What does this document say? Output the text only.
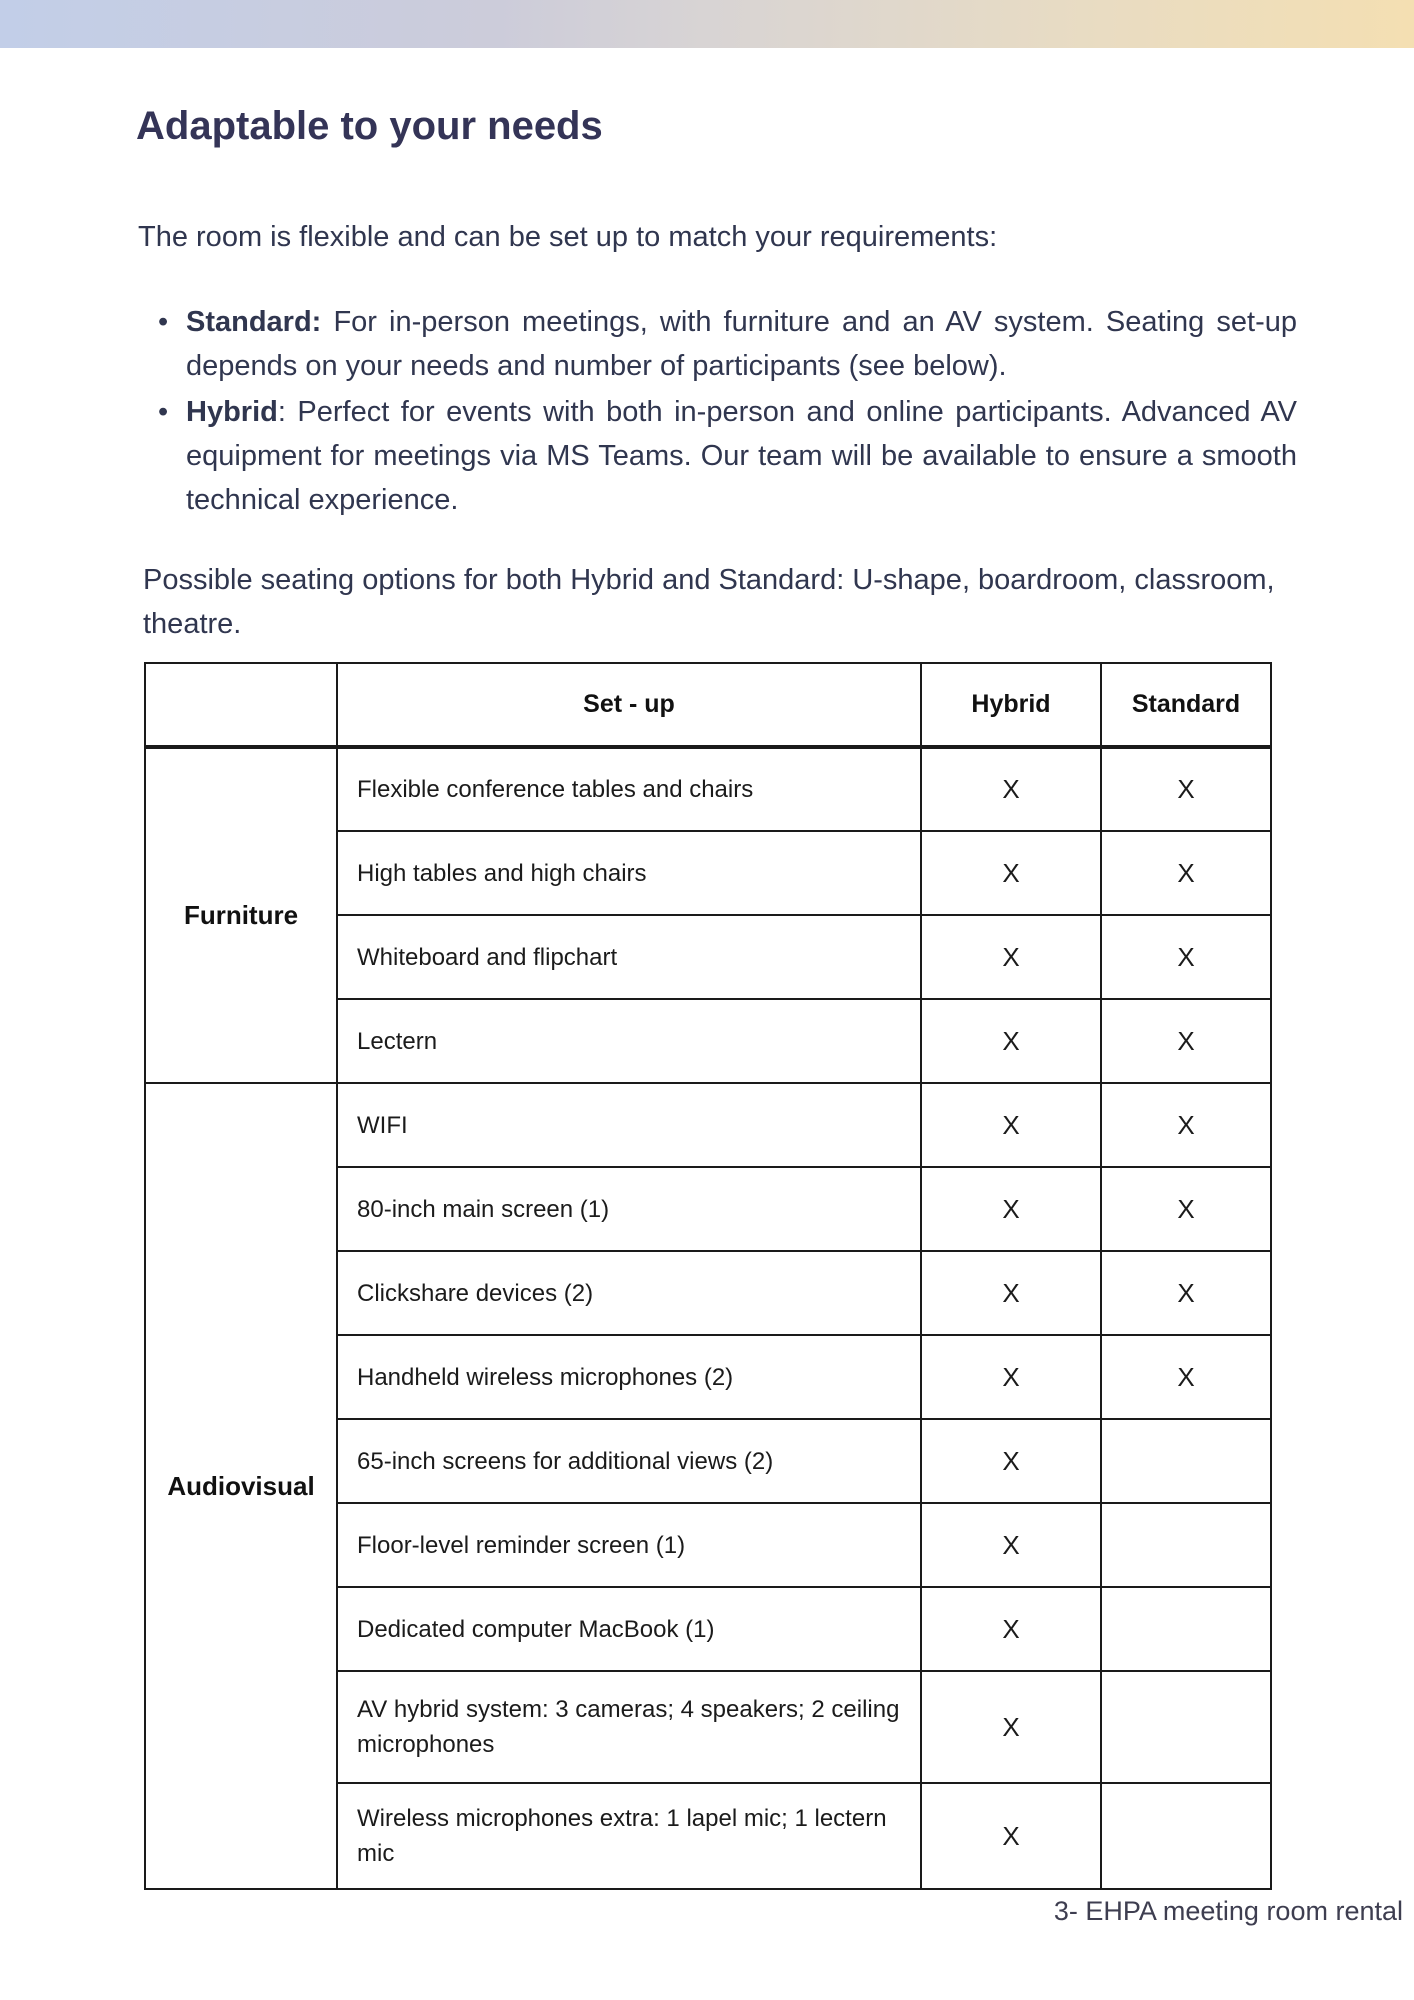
Adaptable to your needs

The room is flexible and can be set up to match your requirements:

• Standard: For in-person meetings, with furniture and an AV system. Seating set-up depends on your needs and number of participants (see below).
• Hybrid: Perfect for events with both in-person and online participants. Advanced AV equipment for meetings via MS Teams. Our team will be available to ensure a smooth technical experience.

Possible seating options for both Hybrid and Standard: U-shape, boardroom, classroom, theatre.

	Set - up	Hybrid	Standard
Furniture	Flexible conference tables and chairs	X	X
	High tables and high chairs	X	X
	Whiteboard and flipchart	X	X
	Lectern	X	X
Audiovisual	WIFI	X	X
	80-inch main screen (1)	X	X
	Clickshare devices (2)	X	X
	Handheld wireless microphones (2)	X	X
	65-inch screens for additional views (2)	X	
	Floor-level reminder screen (1)	X	
	Dedicated computer MacBook (1)	X	
	AV hybrid system: 3 cameras; 4 speakers; 2 ceiling microphones	X	
	Wireless microphones extra: 1 lapel mic; 1 lectern mic	X	
3- EHPA meeting room rental
